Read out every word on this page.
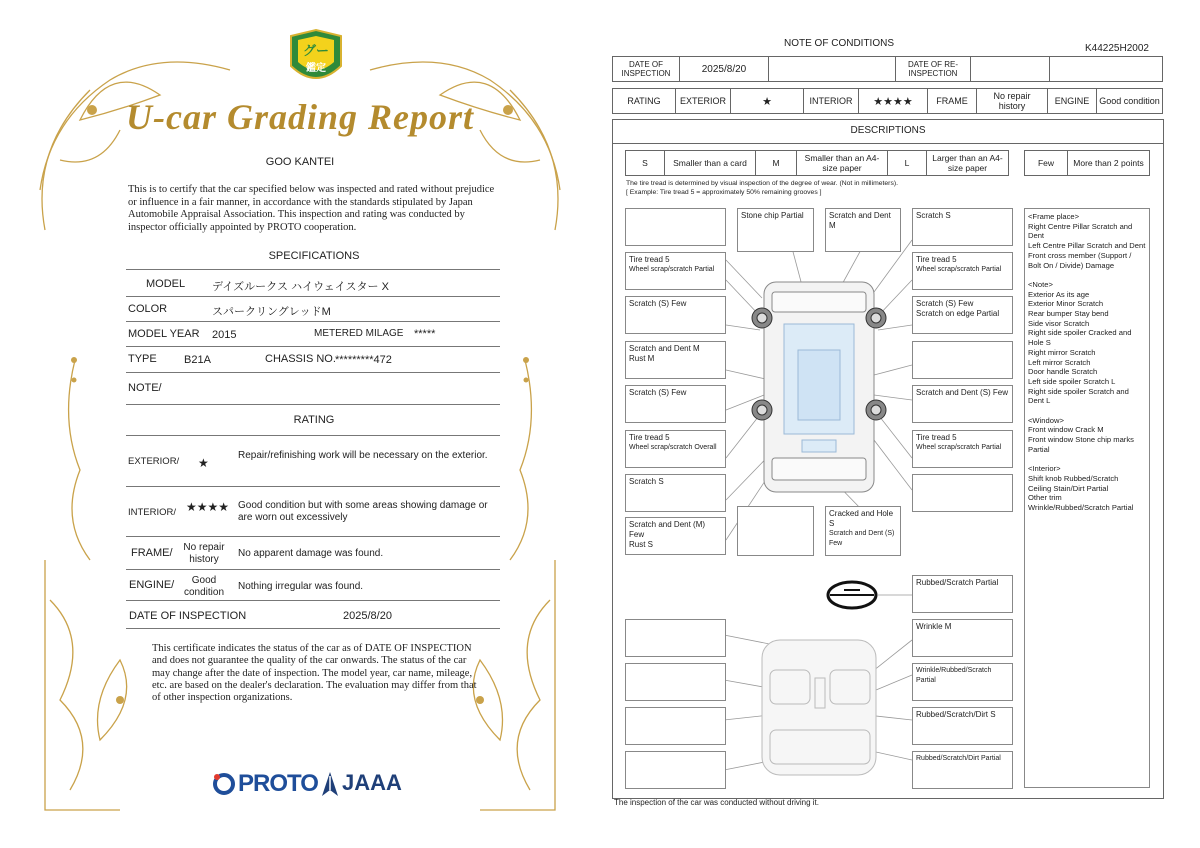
グー
鑑定
U-car Grading Report
GOO KANTEI
This is to certify that the car specified below was inspected and rated without prejudice or influence in a fair manner, in accordance with the standards stipulated by Japan Automobile Appraisal Association. This inspection and rating was conducted by inspector officially appointed by PROTO cooperation.
SPECIFICATIONS
MODEL デイズルークス ハイウェイスター X
COLOR	スパークリングレッドM
MODEL YEAR 2015	METERED MILAGE *****
TYPE B21A	CHASSIS NO. *********472
NOTE/
RATING
EXTERIOR/ ★
Repair/refinishing work will be necessary on the exterior.
INTERIOR/ ★★★★ Good condition but with some areas showing damage or are worn out excessively
FRAME/	No repair history
No apparent damage was found.
ENGINE/	Good condition
Nothing irregular was found.
DATE OF INSPECTION	2025/8/20
This certificate indicates the status of the car as of DATE OF INSPECTION and does not guarantee the quality of the car onwards. The status of the car may change after the date of inspection. The model year, car name, mileage, etc. are based on the dealer's declaration. The evaluation may differ from that of other inspection organizations.
PROTO JAAA
NOTE OF CONDITIONS	K44225H2002
DATE OF INSPECTION	2025/8/20		DATE OF RE-INSPECTION		
RATING	EXTERIOR	★	INTERIOR	★★★★	FRAME	No repair history	ENGINE	Good condition
DESCRIPTIONS
S	Smaller than a card	M	Smaller than an A4-size paper	L	Larger than an A4-size paper	Few	More than 2 points
The tire tread is determined by visual inspection of the degree of wear. (Not in millimeters).
[ Example: Tire tread 5 = approximately 50% remaining grooves ]
Stone chip Partial	Scratch and Dent M
Scratch S
Tire tread 5
Wheel scrap/scratch Partial
Tire tread 5
Wheel scrap/scratch Partial
Scratch (S) Few	Scratch (S) Few
Scratch on edge Partial
Scratch and Dent M
Rust M
Scratch (S) Few	Scratch and Dent (S) Few
Tire tread 5
Wheel scrap/scratch Overall
Tire tread 5
Wheel scrap/scratch Partial
Scratch S
Scratch and Dent (M) Few
Rust S
Cracked and Hole S
Scratch and Dent (S) Few
Rubbed/Scratch Partial
Wrinkle M
Wrinkle/Rubbed/Scratch Partial
Rubbed/Scratch/Dirt S
Rubbed/Scratch/Dirt Partial
<Frame place>
Right Centre Pillar Scratch and Dent
Left Centre Pillar Scratch and Dent
Front cross member (Support / Bolt On / Divide) Damage

<Note>
Exterior As its age
Exterior Minor Scratch
Rear bumper Stay bend
Side visor Scratch
Right side spoiler Cracked and Hole S
Right mirror Scratch
Left mirror Scratch
Door handle Scratch
Left side spoiler Scratch L
Right side spoiler Scratch and Dent L

<Window>
Front window Crack M
Front window Stone chip marks Partial

<Interior>
Shift knob Rubbed/Scratch
Ceiling Stain/Dirt Partial
Other trim
Wrinkle/Rubbed/Scratch Partial
The inspection of the car was conducted without driving it.
